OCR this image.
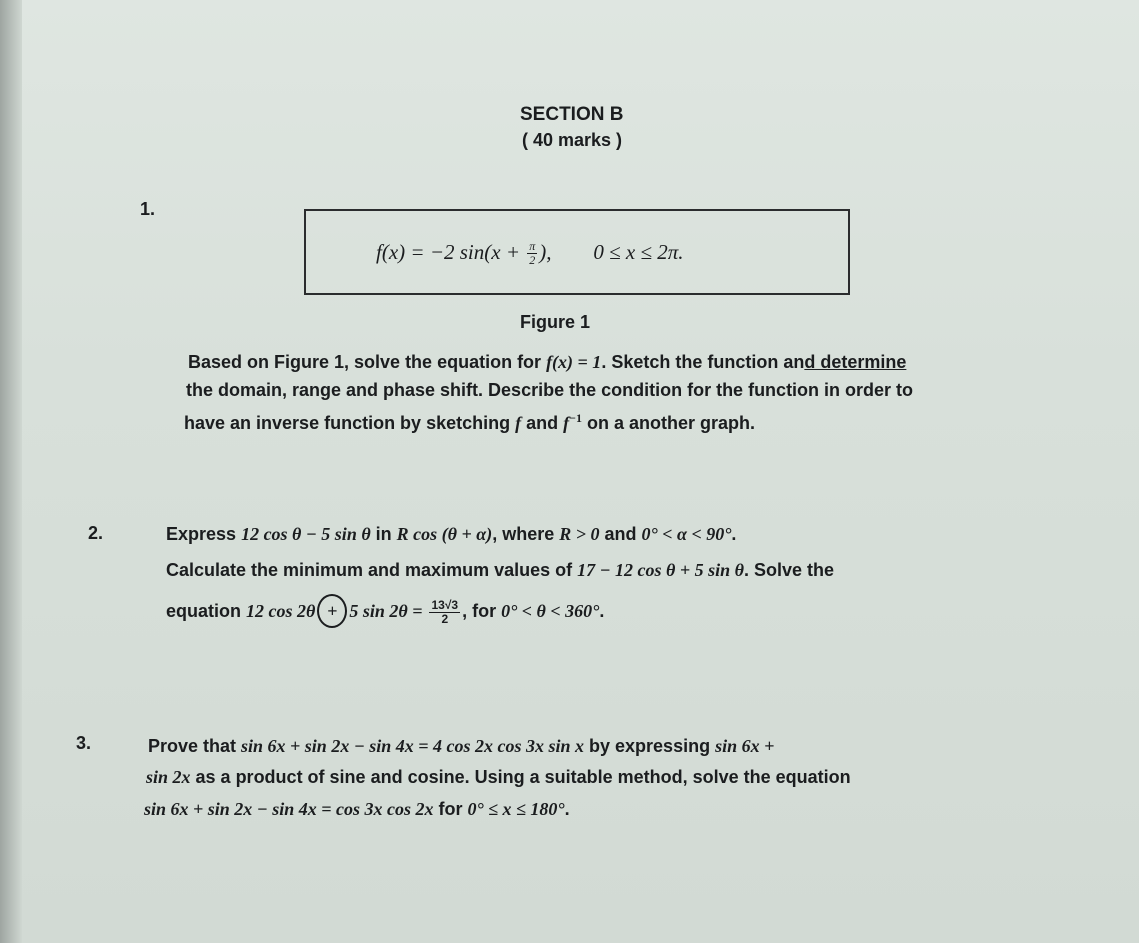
SECTION B
( 40 marks )
1.
f(x) = −2 $\sin(x + \frac{\pi}{2}$ ), 0 ≤ x ≤ 2π.
Figure 1
Based on Figure 1, solve the equation for f(x) = 1. Sketch the function and determine
the domain, range and phase shift. Describe the condition for the function in order to
have an inverse function by sketching f and $f^{-1}$ on a another graph.
2.	Express 12 cos θ − 5 sin θ in R cos (θ + α), where R > 0 and 0° < α < 90°.
Calculate the minimum and maximum values of 17 − 12 cos θ + 5 sin θ. Solve the
equation 12 cos 2θ + 5 $\sin 2\theta = \frac{13√3}{2}$ , for 0° < θ < 360°.
3.	Prove that sin 6x + sin 2x − sin 4x = 4 cos 2x cos 3x sin x by expressing sin 6x +
sin 2x as a product of sine and cosine. Using a suitable method, solve the equation
sin 6x + sin 2x − sin 4x = cos 3x cos 2x for 0° ≤ x ≤ 180°.
